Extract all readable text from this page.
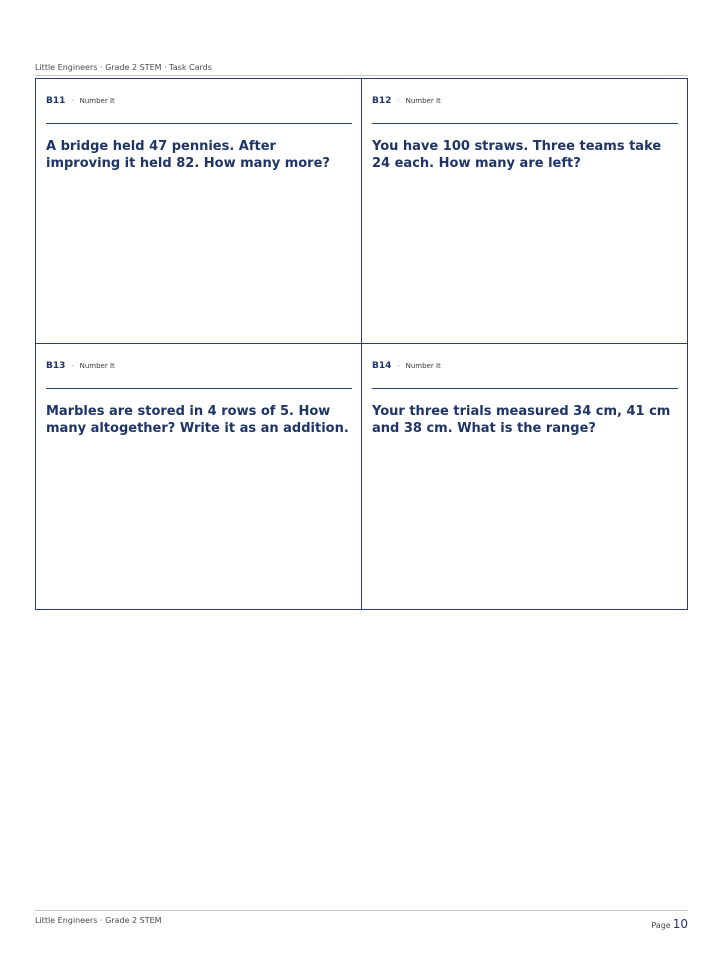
Little Engineers · Grade 2 STEM · Task Cards
B11 · Number It
A bridge held 47 pennies. After improving it held 82. How many more?
B12 · Number It
You have 100 straws. Three teams take 24 each. How many are left?
B13 · Number It
Marbles are stored in 4 rows of 5. How many altogether? Write it as an addition.
B14 · Number It
Your three trials measured 34 cm, 41 cm and 38 cm. What is the range?
Little Engineers · Grade 2 STEM
Page 10
